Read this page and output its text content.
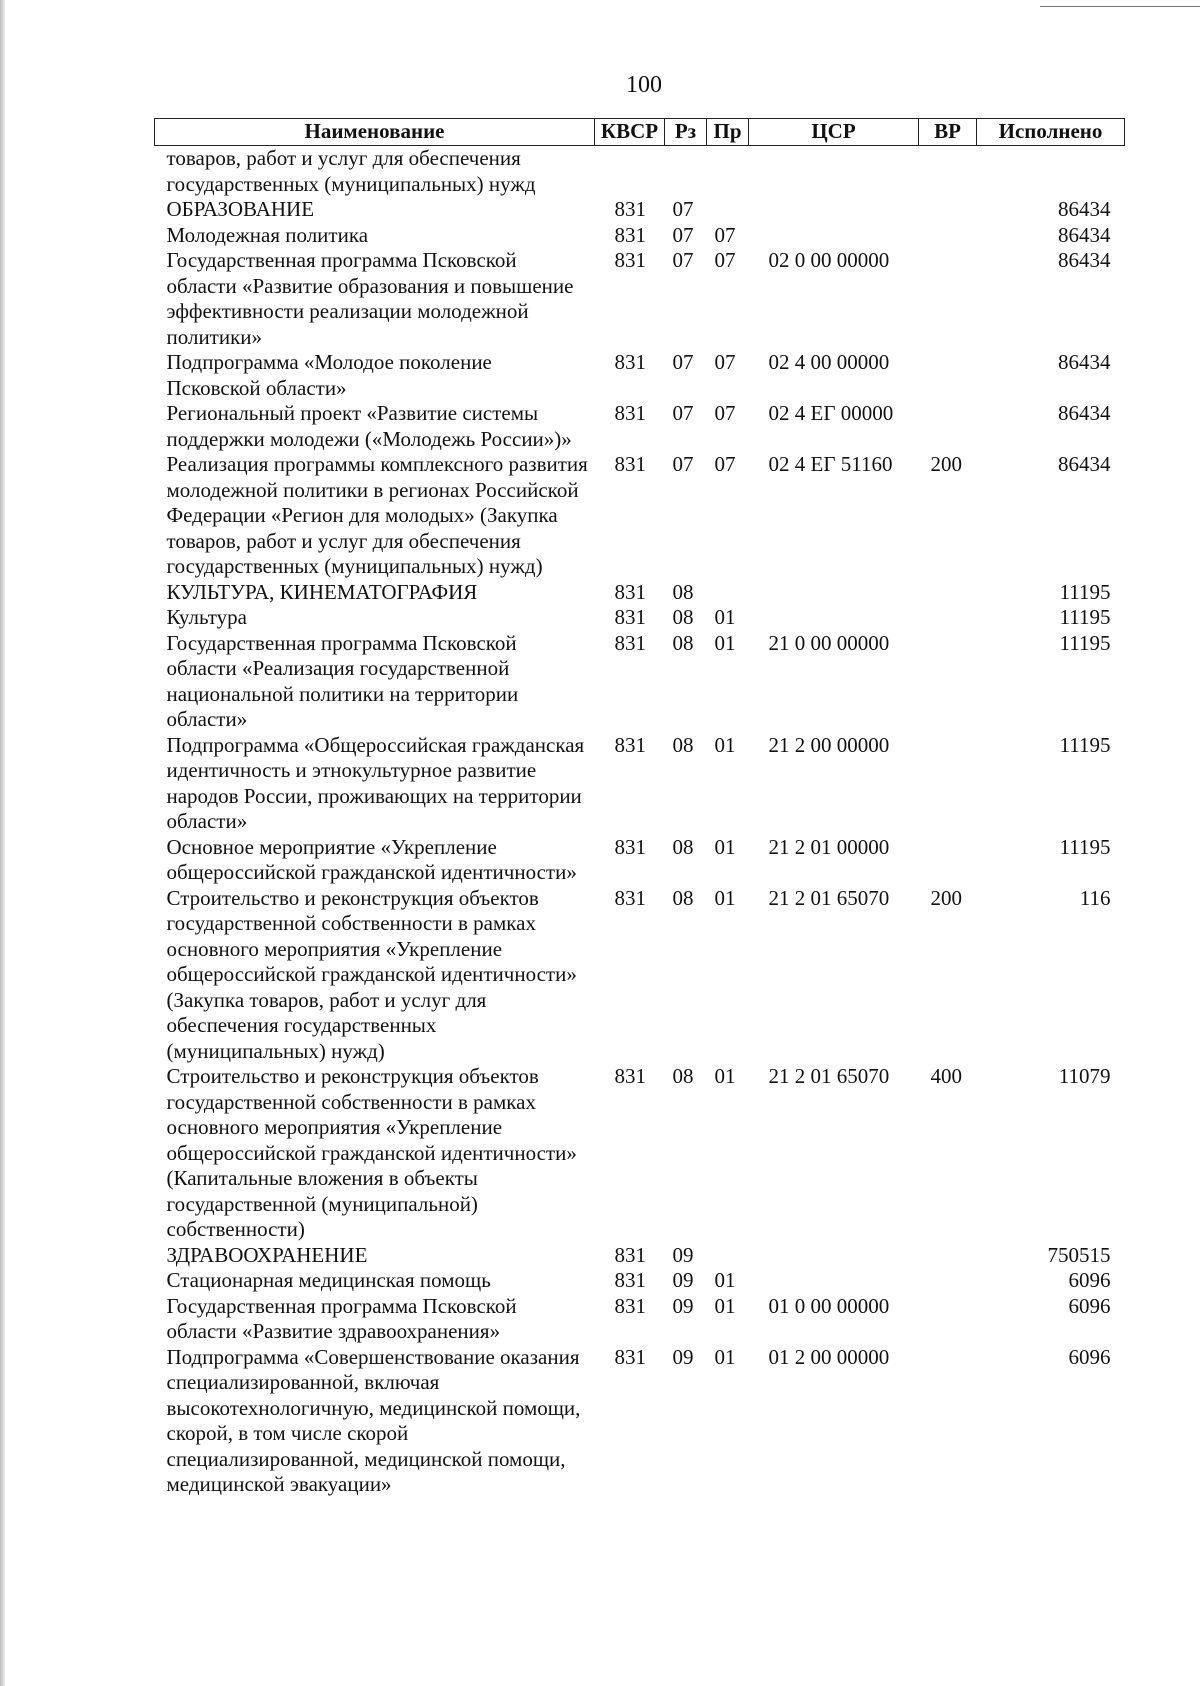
100
Наименование	КВСР	Рз	Пр	ЦСР	ВР	Исполнено
товаров, работ и услуг для обеспечения государственных (муниципальных) нужд						
ОБРАЗОВАНИЕ	831	07				86434
Молодежная политика	831	07	07			86434
Государственная программа Псковской области «Развитие образования и повышение эффективности реализации молодежной политики»	831	07	07	02 0 00 00000		86434
Подпрограмма «Молодое поколение Псковской области»	831	07	07	02 4 00 00000		86434
Региональный проект «Развитие системы поддержки молодежи («Молодежь России»)»	831	07	07	02 4 ЕГ 00000		86434
Реализация программы комплексного развития молодежной политики в регионах Российской Федерации «Регион для молодых» (Закупка товаров, работ и услуг для обеспечения государственных (муниципальных) нужд)	831	07	07	02 4 ЕГ 51160	200	86434
КУЛЬТУРА, КИНЕМАТОГРАФИЯ	831	08				11195
Культура	831	08	01			11195
Государственная программа Псковской области «Реализация государственной национальной политики на территории области»	831	08	01	21 0 00 00000		11195
Подпрограмма «Общероссийская гражданская идентичность и этнокультурное развитие народов России, проживающих на территории области»	831	08	01	21 2 00 00000		11195
Основное мероприятие «Укрепление общероссийской гражданской идентичности»	831	08	01	21 2 01 00000		11195
Строительство и реконструкция объектов государственной собственности в рамках основного мероприятия «Укрепление общероссийской гражданской идентичности» (Закупка товаров, работ и услуг для обеспечения государственных (муниципальных) нужд)	831	08	01	21 2 01 65070	200	116
Строительство и реконструкция объектов государственной собственности в рамках основного мероприятия «Укрепление общероссийской гражданской идентичности» (Капитальные вложения в объекты государственной (муниципальной) собственности)	831	08	01	21 2 01 65070	400	11079
ЗДРАВООХРАНЕНИЕ	831	09				750515
Стационарная медицинская помощь	831	09	01			6096
Государственная программа Псковской области «Развитие здравоохранения»	831	09	01	01 0 00 00000		6096
Подпрограмма «Совершенствование оказания специализированной, включая высокотехнологичную, медицинской помощи, скорой, в том числе скорой специализированной, медицинской помощи, медицинской эвакуации»	831	09	01	01 2 00 00000		6096
